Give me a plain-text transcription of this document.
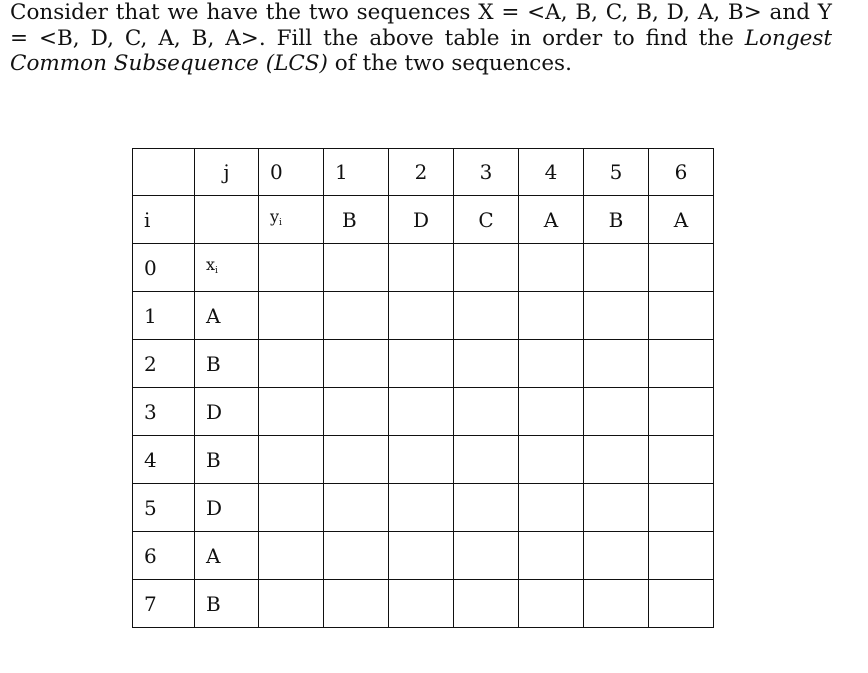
Consider that we have the two sequences X = <A, B, C, B, D, A, B> and Y = <B, D, C, A, B, A>. Fill the above table in order to find the Longest Common Subsequence (LCS) of the two sequences.
	j	0	1	2	3	4	5	6
i		yi	B	D	C	A	B	A
0	xi							
1	A							
2	B							
3	D							
4	B							
5	D							
6	A							
7	B							
